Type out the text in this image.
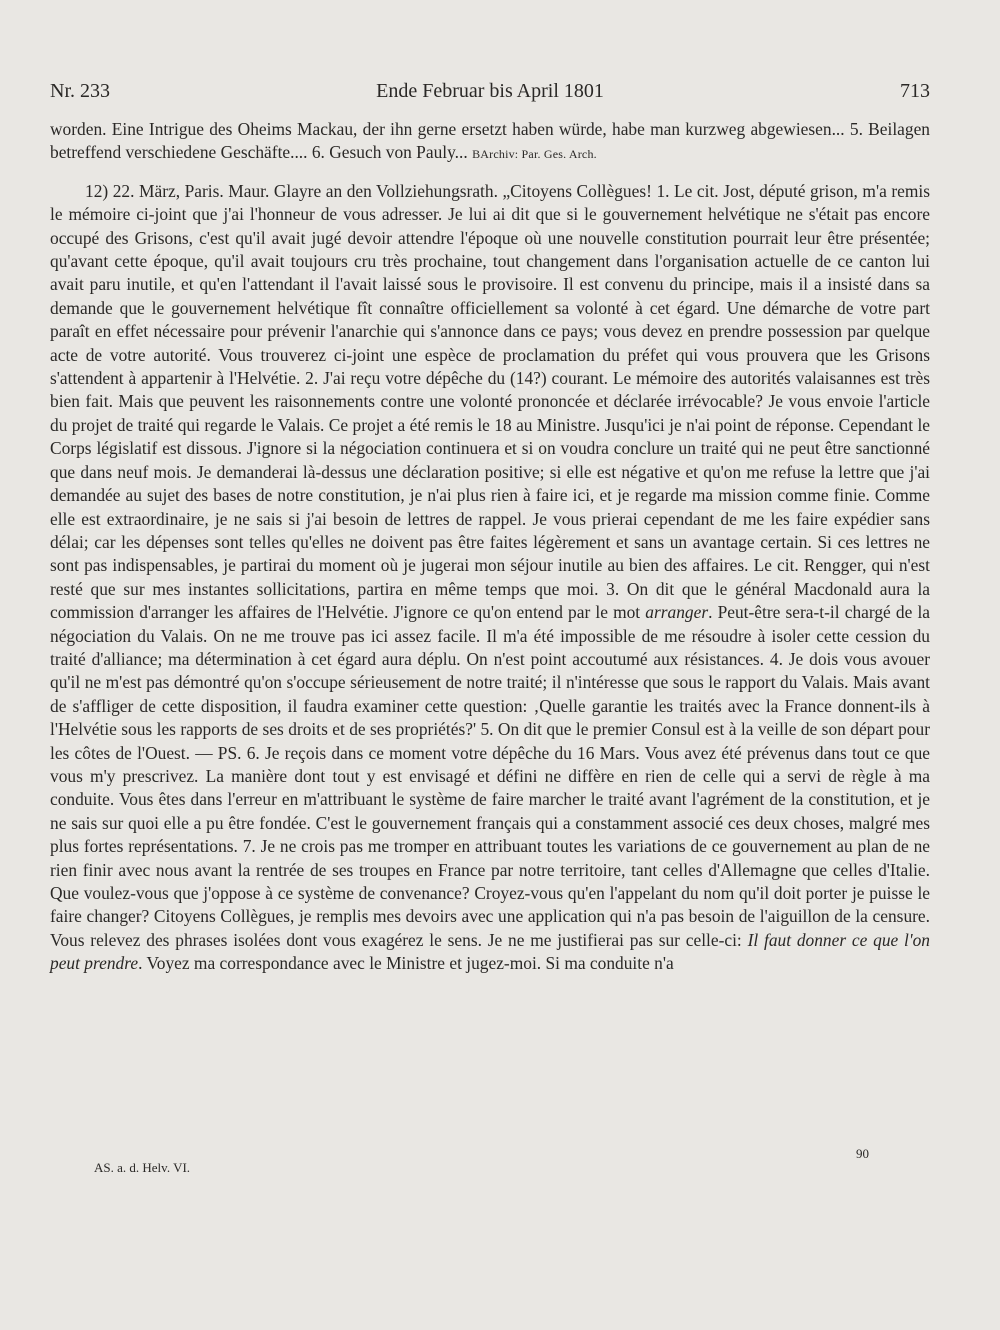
Nr. 233	Ende Februar bis April 1801	713

worden. Eine Intrigue des Oheims Mackau, der ihn gerne ersetzt haben würde, habe man kurzweg abgewiesen... 5. Beilagen betreffend verschiedene Geschäfte.... 6. Gesuch von Pauly... BArchiv: Par. Ges. Arch.

12) 22. März, Paris. Maur. Glayre an den Vollziehungsrath. „Citoyens Collègues! 1. Le cit. Jost, député grison, m'a remis le mémoire ci-joint que j'ai l'honneur de vous adresser. Je lui ai dit que si le gouvernement helvétique ne s'était pas encore occupé des Grisons, c'est qu'il avait jugé devoir attendre l'époque où une nouvelle constitution pourrait leur être présentée; qu'avant cette époque, qu'il avait toujours cru très prochaine, tout changement dans l'organisation actuelle de ce canton lui avait paru inutile, et qu'en l'attendant il l'avait laissé sous le provisoire. Il est convenu du principe, mais il a insisté dans sa demande que le gouvernement helvétique fît connaître officiellement sa volonté à cet égard. Une démarche de votre part paraît en effet nécessaire pour prévenir l'anarchie qui s'annonce dans ce pays; vous devez en prendre possession par quelque acte de votre autorité. Vous trouverez ci-joint une espèce de proclamation du préfet qui vous prouvera que les Grisons s'attendent à appartenir à l'Helvétie. 2. J'ai reçu votre dépêche du (14?) courant. Le mémoire des autorités valaisannes est très bien fait. Mais que peuvent les raisonnements contre une volonté prononcée et déclarée irrévocable? Je vous envoie l'article du projet de traité qui regarde le Valais. Ce projet a été remis le 18 au Ministre. Jusqu'ici je n'ai point de réponse. Cependant le Corps législatif est dissous. J'ignore si la négociation continuera et si on voudra conclure un traité qui ne peut être sanctionné que dans neuf mois. Je demanderai là-dessus une déclaration positive; si elle est négative et qu'on me refuse la lettre que j'ai demandée au sujet des bases de notre constitution, je n'ai plus rien à faire ici, et je regarde ma mission comme finie. Comme elle est extraordinaire, je ne sais si j'ai besoin de lettres de rappel. Je vous prierai cependant de me les faire expédier sans délai; car les dépenses sont telles qu'elles ne doivent pas être faites légèrement et sans un avantage certain. Si ces lettres ne sont pas indispensables, je partirai du moment où je jugerai mon séjour inutile au bien des affaires. Le cit. Rengger, qui n'est resté que sur mes instantes sollicitations, partira en même temps que moi. 3. On dit que le général Macdonald aura la commission d'arranger les affaires de l'Helvétie. J'ignore ce qu'on entend par le mot arranger. Peut-être sera-t-il chargé de la négociation du Valais. On ne me trouve pas ici assez facile. Il m'a été impossible de me résoudre à isoler cette cession du traité d'alliance; ma détermination à cet égard aura déplu. On n'est point accoutumé aux résistances. 4. Je dois vous avouer qu'il ne m'est pas démontré qu'on s'occupe sérieusement de notre traité; il n'intéresse que sous le rapport du Valais. Mais avant de s'affliger de cette disposition, il faudra examiner cette question: ‚Quelle garantie les traités avec la France donnent-ils à l'Helvétie sous les rapports de ses droits et de ses propriétés?' 5. On dit que le premier Consul est à la veille de son départ pour les côtes de l'Ouest. — PS. 6. Je reçois dans ce moment votre dépêche du 16 Mars. Vous avez été prévenus dans tout ce que vous m'y prescrivez. La manière dont tout y est envisagé et défini ne diffère en rien de celle qui a servi de règle à ma conduite. Vous êtes dans l'erreur en m'attribuant le système de faire marcher le traité avant l'agrément de la constitution, et je ne sais sur quoi elle a pu être fondée. C'est le gouvernement français qui a constamment associé ces deux choses, malgré mes plus fortes représentations. 7. Je ne crois pas me tromper en attribuant toutes les variations de ce gouvernement au plan de ne rien finir avec nous avant la rentrée de ses troupes en France par notre territoire, tant celles d'Allemagne que celles d'Italie. Que voulez-vous que j'oppose à ce système de convenance? Croyez-vous qu'en l'appelant du nom qu'il doit porter je puisse le faire changer? Citoyens Collègues, je remplis mes devoirs avec une application qui n'a pas besoin de l'aiguillon de la censure. Vous relevez des phrases isolées dont vous exagérez le sens. Je ne me justifierai pas sur celle-ci: Il faut donner ce que l'on peut prendre. Voyez ma correspondance avec le Ministre et jugez-moi. Si ma conduite n'a

AS. a. d. Helv. VI.
90
